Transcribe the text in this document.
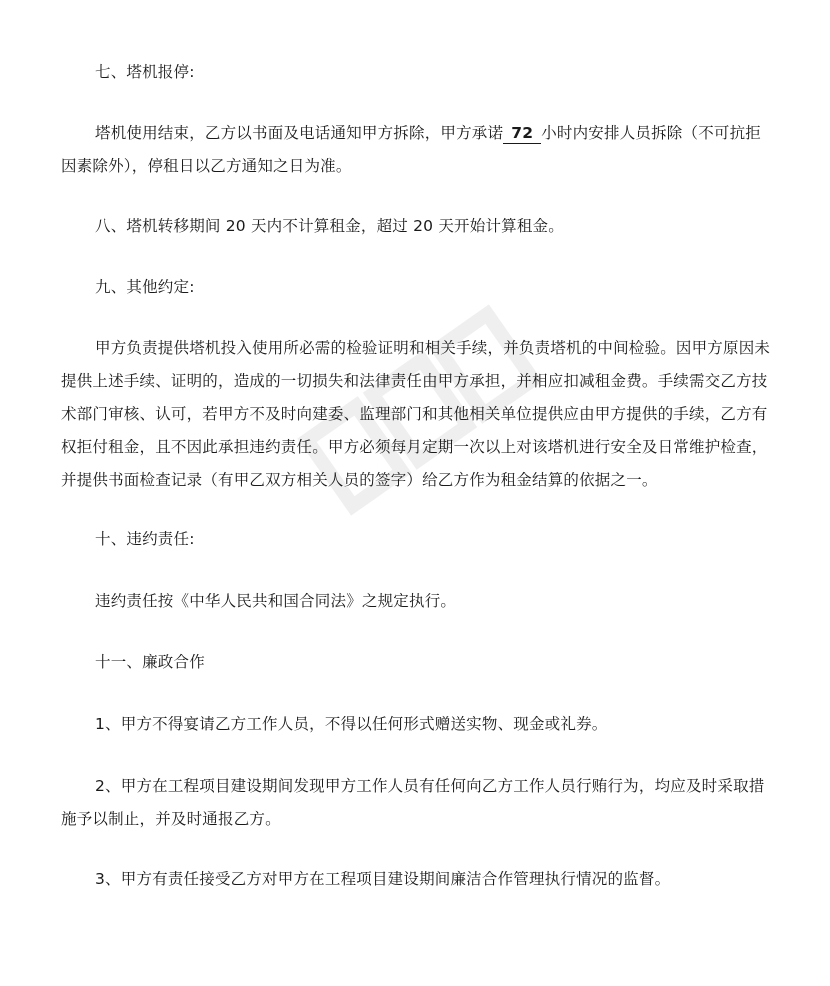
七、塔机报停:

塔机使用结束，乙方以书面及电话通知甲方拆除，甲方承诺 72 小时内安排人员拆除（不可抗拒因素除外），停租日以乙方通知之日为准。

八、塔机转移期间 20 天内不计算租金，超过 20 天开始计算租金。

九、其他约定:

甲方负责提供塔机投入使用所必需的检验证明和相关手续，并负责塔机的中间检验。因甲方原因未提供上述手续、证明的，造成的一切损失和法律责任由甲方承担，并相应扣减租金费。手续需交乙方技术部门审核、认可，若甲方不及时向建委、监理部门和其他相关单位提供应由甲方提供的手续，乙方有权拒付租金，且不因此承担违约责任。甲方必须每月定期一次以上对该塔机进行安全及日常维护检查，并提供书面检查记录（有甲乙双方相关人员的签字）给乙方作为租金结算的依据之一。

十、违约责任:

违约责任按《中华人民共和国合同法》之规定执行。

十一、廉政合作

1、甲方不得宴请乙方工作人员，不得以任何形式赠送实物、现金或礼券。

2、甲方在工程项目建设期间发现甲方工作人员有任何向乙方工作人员行贿行为，均应及时采取措施予以制止，并及时通报乙方。

3、甲方有责任接受乙方对甲方在工程项目建设期间廉洁合作管理执行情况的监督。
